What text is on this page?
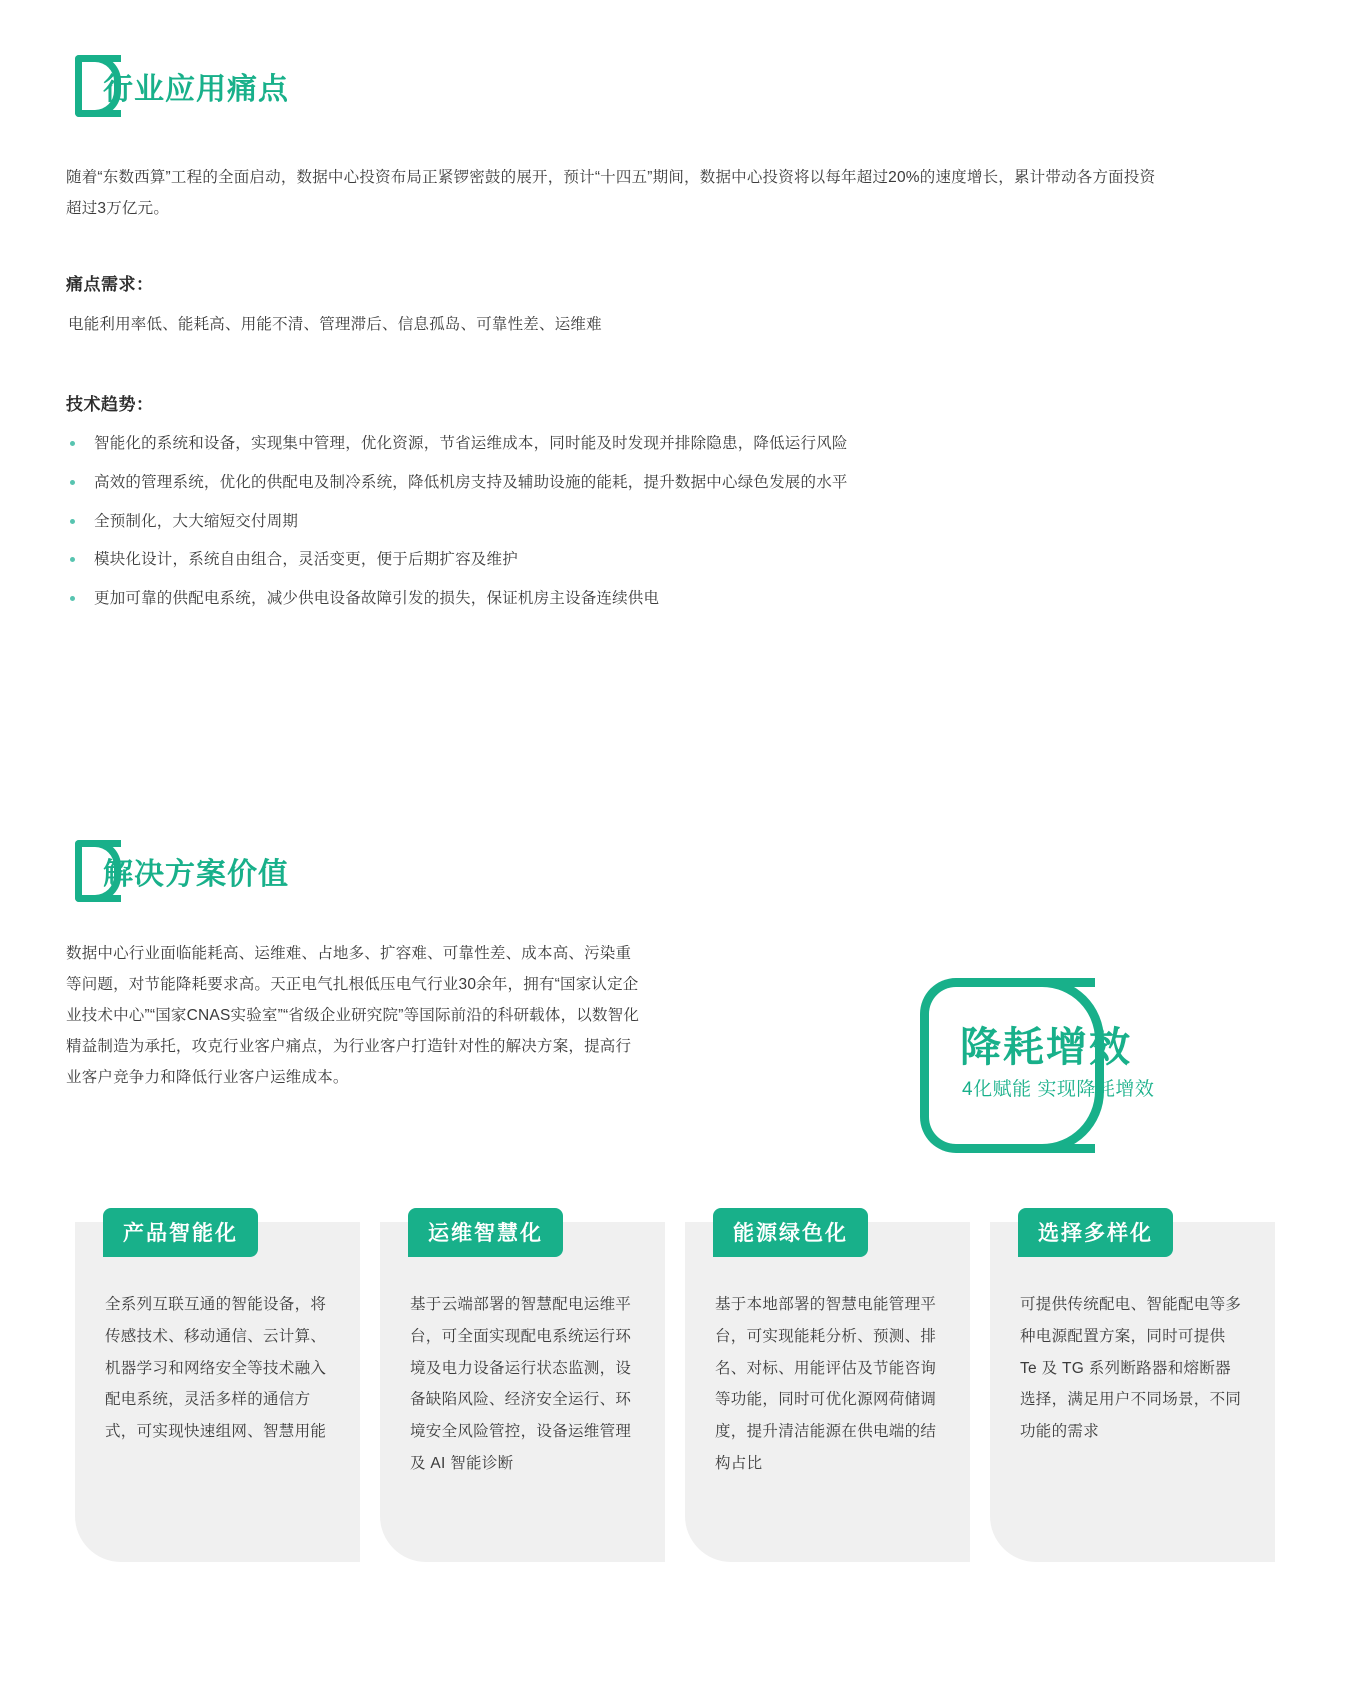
行业应用痛点
随着“东数西算”工程的全面启动，数据中心投资布局正紧锣密鼓的展开，预计“十四五”期间，数据中心投资将以每年超过20%的速度增长，累计带动各方面投资超过3万亿元。
痛点需求：
电能利用率低、能耗高、用能不清、管理滞后、信息孤岛、可靠性差、运维难
技术趋势：
智能化的系统和设备，实现集中管理，优化资源，节省运维成本，同时能及时发现并排除隐患，降低运行风险
高效的管理系统，优化的供配电及制冷系统，降低机房支持及辅助设施的能耗，提升数据中心绿色发展的水平
全预制化，大大缩短交付周期
模块化设计，系统自由组合，灵活变更，便于后期扩容及维护
更加可靠的供配电系统，减少供电设备故障引发的损失，保证机房主设备连续供电
解决方案价值
数据中心行业面临能耗高、运维难、占地多、扩容难、可靠性差、成本高、污染重等问题，对节能降耗要求高。天正电气扎根低压电气行业30余年，拥有“国家认定企业技术中心”“国家CNAS实验室”“省级企业研究院”等国际前沿的科研载体，以数智化精益制造为承托，攻克行业客户痛点，为行业客户打造针对性的解决方案，提高行业客户竞争力和降低行业客户运维成本。
降耗增效
4化赋能 实现降耗增效
产品智能化
全系列互联互通的智能设备，将传感技术、移动通信、云计算、机器学习和网络安全等技术融入配电系统，灵活多样的通信方式，可实现快速组网、智慧用能
运维智慧化
基于云端部署的智慧配电运维平台，可全面实现配电系统运行环境及电力设备运行状态监测，设备缺陷风险、经济安全运行、环境安全风险管控，设备运维管理及 AI 智能诊断
能源绿色化
基于本地部署的智慧电能管理平台，可实现能耗分析、预测、排名、对标、用能评估及节能咨询等功能，同时可优化源网荷储调度，提升清洁能源在供电端的结构占比
选择多样化
可提供传统配电、智能配电等多种电源配置方案，同时可提供 Te 及 TG 系列断路器和熔断器选择，满足用户不同场景，不同功能的需求
